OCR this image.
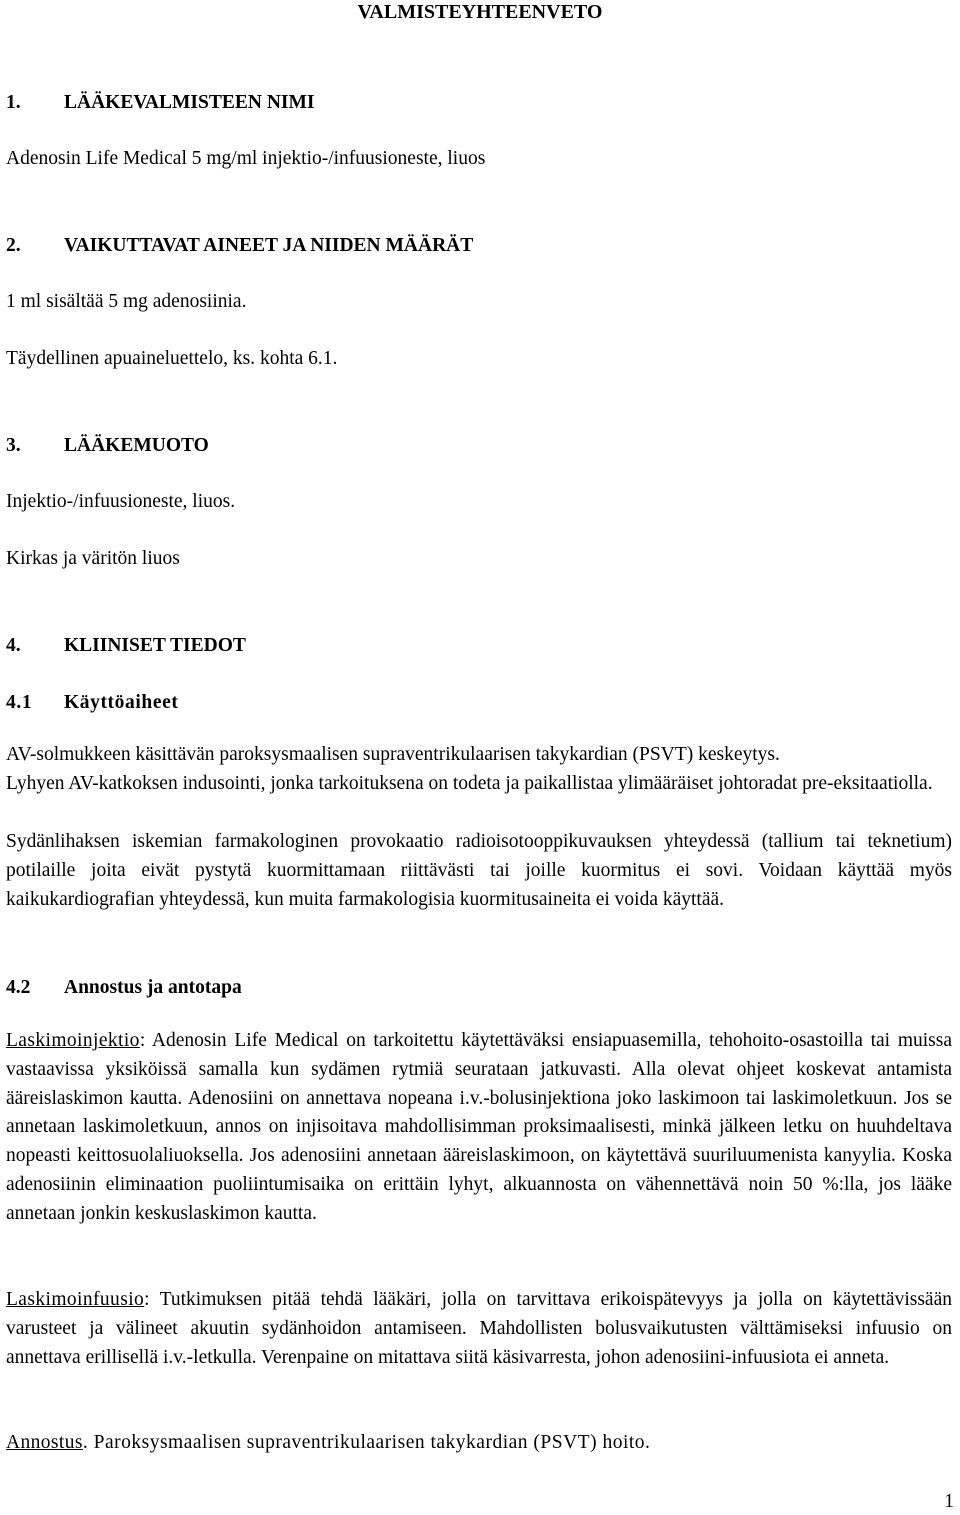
VALMISTEYHTEENVETO

1. LÄÄKEVALMISTEEN NIMI

Adenosin Life Medical 5 mg/ml injektio-/infuusioneste, liuos

2. VAIKUTTAVAT AINEET JA NIIDEN MÄÄRÄT

1 ml sisältää 5 mg adenosiinia.

Täydellinen apuaineluettelo, ks. kohta 6.1.

3. LÄÄKEMUOTO

Injektio-/infuusioneste, liuos.

Kirkas ja väritön liuos

4. KLIINISET TIEDOT

4.1 Käyttöaiheet

AV-solmukkeen käsittävän paroksysmaalisen supraventrikulaarisen takykardian (PSVT) keskeytys.

Lyhyen AV-katkoksen indusointi, jonka tarkoituksena on todeta ja paikallistaa ylimääräiset johtoradat pre-eksitaatiolla.

Sydänlihaksen iskemian farmakologinen provokaatio radioisotooppikuvauksen yhteydessä (tallium tai teknetium) potilaille joita eivät pystytä kuormittamaan riittävästi tai joille kuormitus ei sovi. Voidaan käyttää myös kaikukardiografian yhteydessä, kun muita farmakologisia kuormitusaineita ei voida käyttää.

4.2 Annostus ja antotapa

Laskimoinjektio: Adenosin Life Medical on tarkoitettu käytettäväksi ensiapuasemilla, tehohoito-osastoilla tai muissa vastaavissa yksiköissä samalla kun sydämen rytmiä seurataan jatkuvasti. Alla olevat ohjeet koskevat antamista ääreislaskimon kautta. Adenosiini on annettava nopeana i.v.-bolusinjektiona joko laskimoon tai laskimoletkuun. Jos se annetaan laskimoletkuun, annos on injisoitava mahdollisimman proksimaalisesti, minkä jälkeen letku on huuhdeltava nopeasti keittosuolaliuoksella. Jos adenosiini annetaan ääreislaskimoon, on käytettävä suuriluumenista kanyylia. Koska adenosiinin eliminaation puoliintumisaika on erittäin lyhyt, alkuannosta on vähennettävä noin 50 %:lla, jos lääke annetaan jonkin keskuslaskimon kautta.

Laskimoinfuusio: Tutkimuksen pitää tehdä lääkäri, jolla on tarvittava erikoispätevyys ja jolla on käytettävissään varusteet ja välineet akuutin sydänhoidon antamiseen. Mahdollisten bolusvaikutusten välttämiseksi infuusio on annettava erillisellä i.v.-letkulla. Verenpaine on mitattava siitä käsivarresta, johon adenosiini-infuusiota ei anneta.

Annostus. Paroksysmaalisen supraventrikulaarisen takykardian (PSVT) hoito.

1
